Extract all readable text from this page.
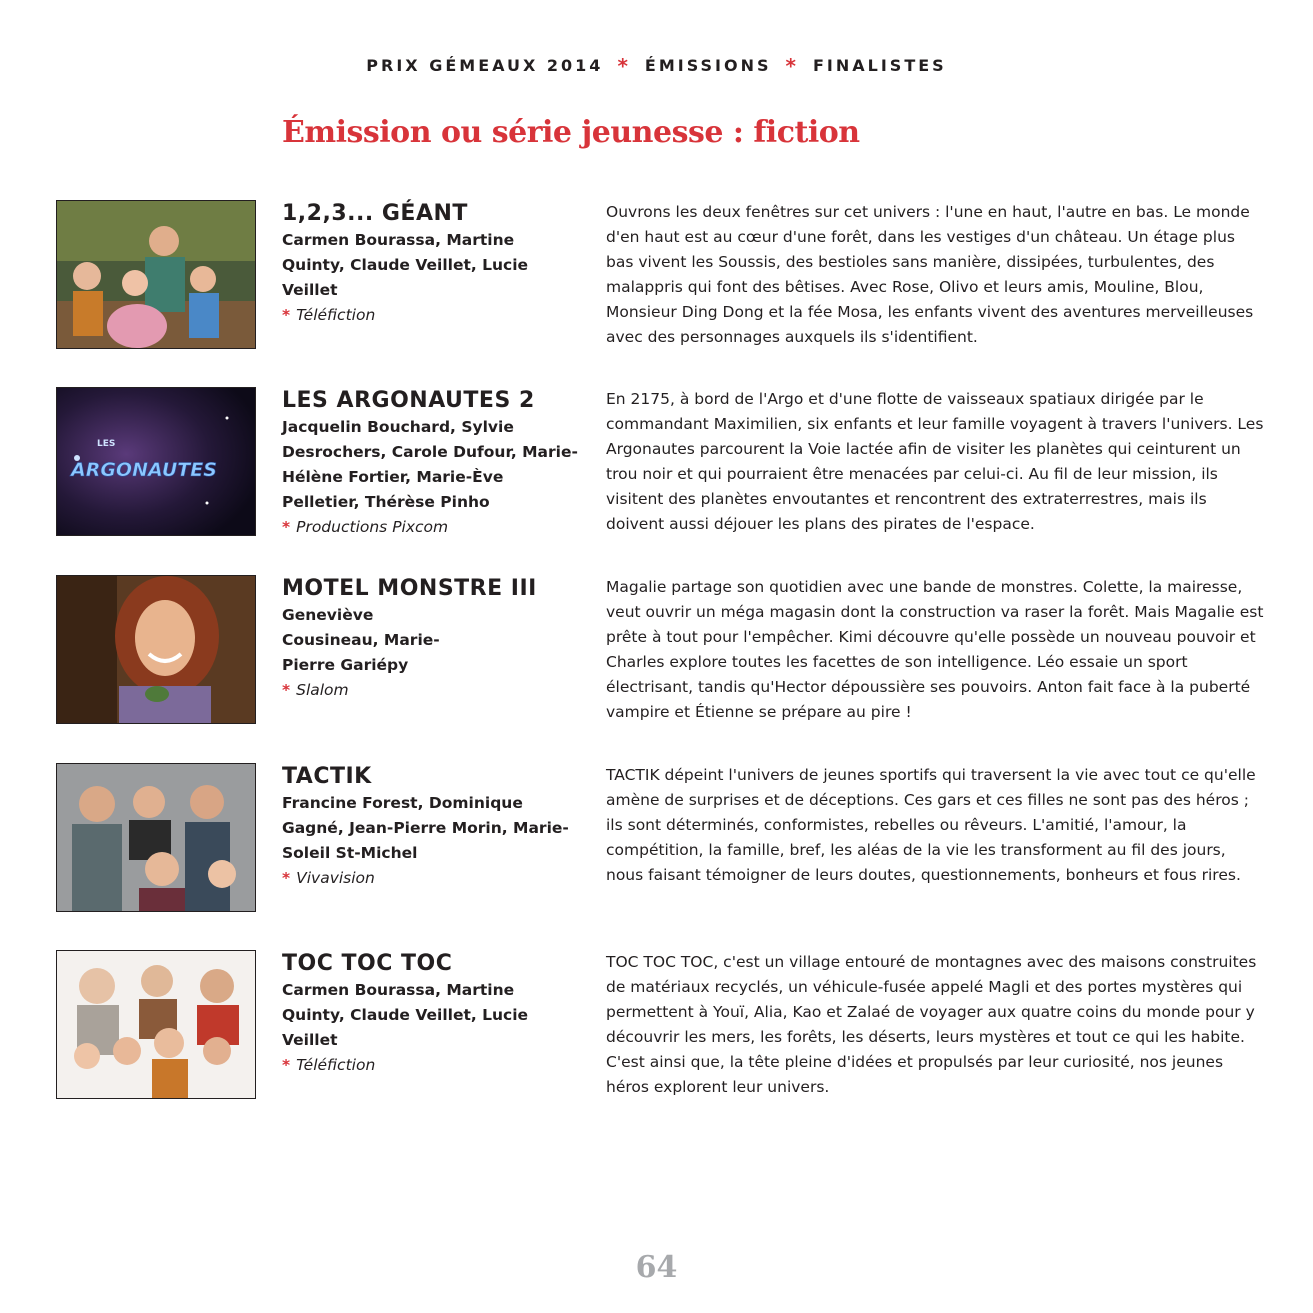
PRIX GÉMEAUX 2014 * ÉMISSIONS * FINALISTES
Émission ou série jeunesse : fiction
1,2,3... GÉANT
Carmen Bourassa, Martine Quinty, Claude Veillet, Lucie Veillet
* Téléfiction
Ouvrons les deux fenêtres sur cet univers : l'une en haut, l'autre en bas. Le monde d'en haut est au cœur d'une forêt, dans les vestiges d'un château. Un étage plus bas vivent les Soussis, des bestioles sans manière, dissipées, turbulentes, des malappris qui font des bêtises. Avec Rose, Olivo et leurs amis, Mouline, Blou, Monsieur Ding Dong et la fée Mosa, les enfants vivent des aventures merveilleuses avec des personnages auxquels ils s'identifient.
LES
ARGONAUTES
LES ARGONAUTES 2
Jacquelin Bouchard, Sylvie Desrochers, Carole Dufour, Marie-Hélène Fortier, Marie-Ève Pelletier, Thérèse Pinho
* Productions Pixcom
En 2175, à bord de l'Argo et d'une flotte de vaisseaux spatiaux dirigée par le commandant Maximilien, six enfants et leur famille voyagent à travers l'univers. Les Argonautes parcourent la Voie lactée afin de visiter les planètes qui ceinturent un trou noir et qui pourraient être menacées par celui-ci. Au fil de leur mission, ils visitent des planètes envoutantes et rencontrent des extraterrestres, mais ils doivent aussi déjouer les plans des pirates de l'espace.
MOTEL MONSTRE III
Geneviève Cousineau, Marie-Pierre Gariépy
* Slalom
Magalie partage son quotidien avec une bande de monstres. Colette, la mairesse, veut ouvrir un méga magasin dont la construction va raser la forêt. Mais Magalie est prête à tout pour l'empêcher. Kimi découvre qu'elle possède un nouveau pouvoir et Charles explore toutes les facettes de son intelligence. Léo essaie un sport électrisant, tandis qu'Hector dépoussière ses pouvoirs. Anton fait face à la puberté vampire et Étienne se prépare au pire !
TACTIK
Francine Forest, Dominique Gagné, Jean-Pierre Morin, Marie-Soleil St-Michel
* Vivavision
TACTIK dépeint l'univers de jeunes sportifs qui traversent la vie avec tout ce qu'elle amène de surprises et de déceptions. Ces gars et ces filles ne sont pas des héros ; ils sont déterminés, conformistes, rebelles ou rêveurs. L'amitié, l'amour, la compétition, la famille, bref, les aléas de la vie les transforment au fil des jours, nous faisant témoigner de leurs doutes, questionnements, bonheurs et fous rires.
TOC TOC TOC
Carmen Bourassa, Martine Quinty, Claude Veillet, Lucie Veillet
* Téléfiction
TOC TOC TOC, c'est un village entouré de montagnes avec des maisons construites de matériaux recyclés, un véhicule-fusée appelé Magli et des portes mystères qui permettent à Youï, Alia, Kao et Zalaé de voyager aux quatre coins du monde pour y découvrir les mers, les forêts, les déserts, leurs mystères et tout ce qui les habite. C'est ainsi que, la tête pleine d'idées et propulsés par leur curiosité, nos jeunes héros explorent leur univers.
64
